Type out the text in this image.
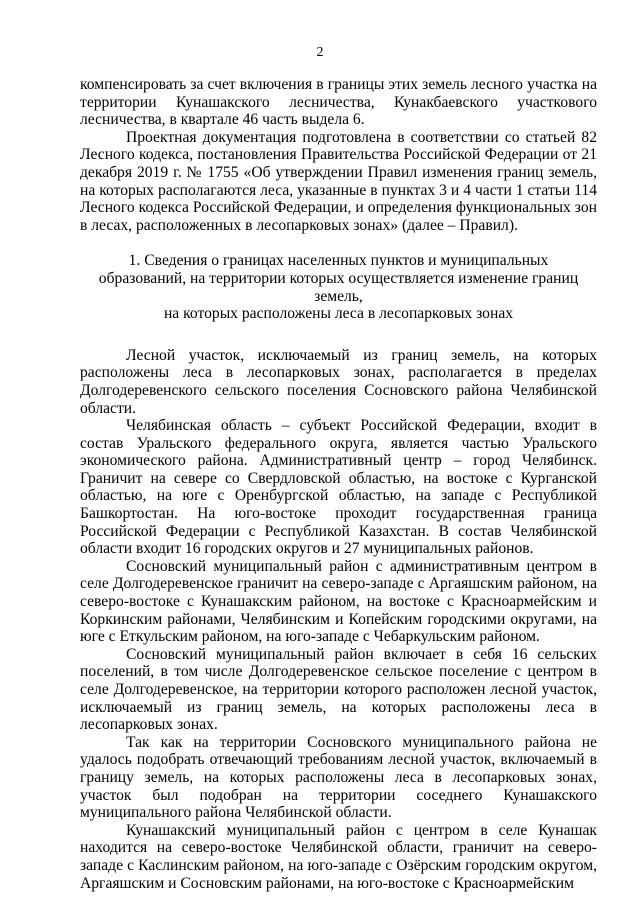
2

компенсировать за счет включения в границы этих земель лесного участка на территории Кунашакского лесничества, Кунакбаевского участкового лесничества, в квартале 46 часть выдела 6.

Проектная документация подготовлена в соответствии со статьей 82 Лесного кодекса, постановления Правительства Российской Федерации от 21 декабря 2019 г. № 1755 «Об утверждении Правил изменения границ земель, на которых располагаются леса, указанные в пунктах 3 и 4 части 1 статьи 114 Лесного кодекса Российской Федерации, и определения функциональных зон в лесах, расположенных в лесопарковых зонах» (далее – Правил).

1. Сведения о границах населенных пунктов и муниципальных
образований, на территории которых осуществляется изменение границ земель,
на которых расположены леса в лесопарковых зонах

Лесной участок, исключаемый из границ земель, на которых расположены леса в лесопарковых зонах, располагается в пределах Долгодеревенского сельского поселения Сосновского района Челябинской области.

Челябинская область – субъект Российской Федерации, входит в состав Уральского федерального округа, является частью Уральского экономического района. Административный центр – город Челябинск. Граничит на севере со Свердловской областью, на востоке с Курганской областью, на юге с Оренбургской областью, на западе с Республикой Башкортостан. На юго-востоке проходит государственная граница Российской Федерации с Республикой Казахстан. В состав Челябинской области входит 16 городских округов и 27 муниципальных районов.

Сосновский муниципальный район с административным центром в селе Долгодеревенское граничит на северо-западе с Аргаяшским районом, на северо-востоке с Кунашакским районом, на востоке с Красноармейским и Коркинским районами, Челябинским и Копейским городскими округами, на юге с Еткульским районом, на юго-западе с Чебаркульским районом.

Сосновский муниципальный район включает в себя 16 сельских поселений, в том числе Долгодеревенское сельское поселение с центром в селе Долгодеревенское, на территории которого расположен лесной участок, исключаемый из границ земель, на которых расположены леса в лесопарковых зонах.

Так как на территории Сосновского муниципального района не удалось подобрать отвечающий требованиям лесной участок, включаемый в границу земель, на которых расположены леса в лесопарковых зонах, участок был подобран на территории соседнего Кунашакского муниципального района Челябинской области.

Кунашакский муниципальный район с центром в селе Кунашак находится на северо-востоке Челябинской области, граничит на северо-западе с Каслинским районом, на юго-западе с Озёрским городским округом, Аргаяшским и Сосновским районами, на юго-востоке с Красноармейским
